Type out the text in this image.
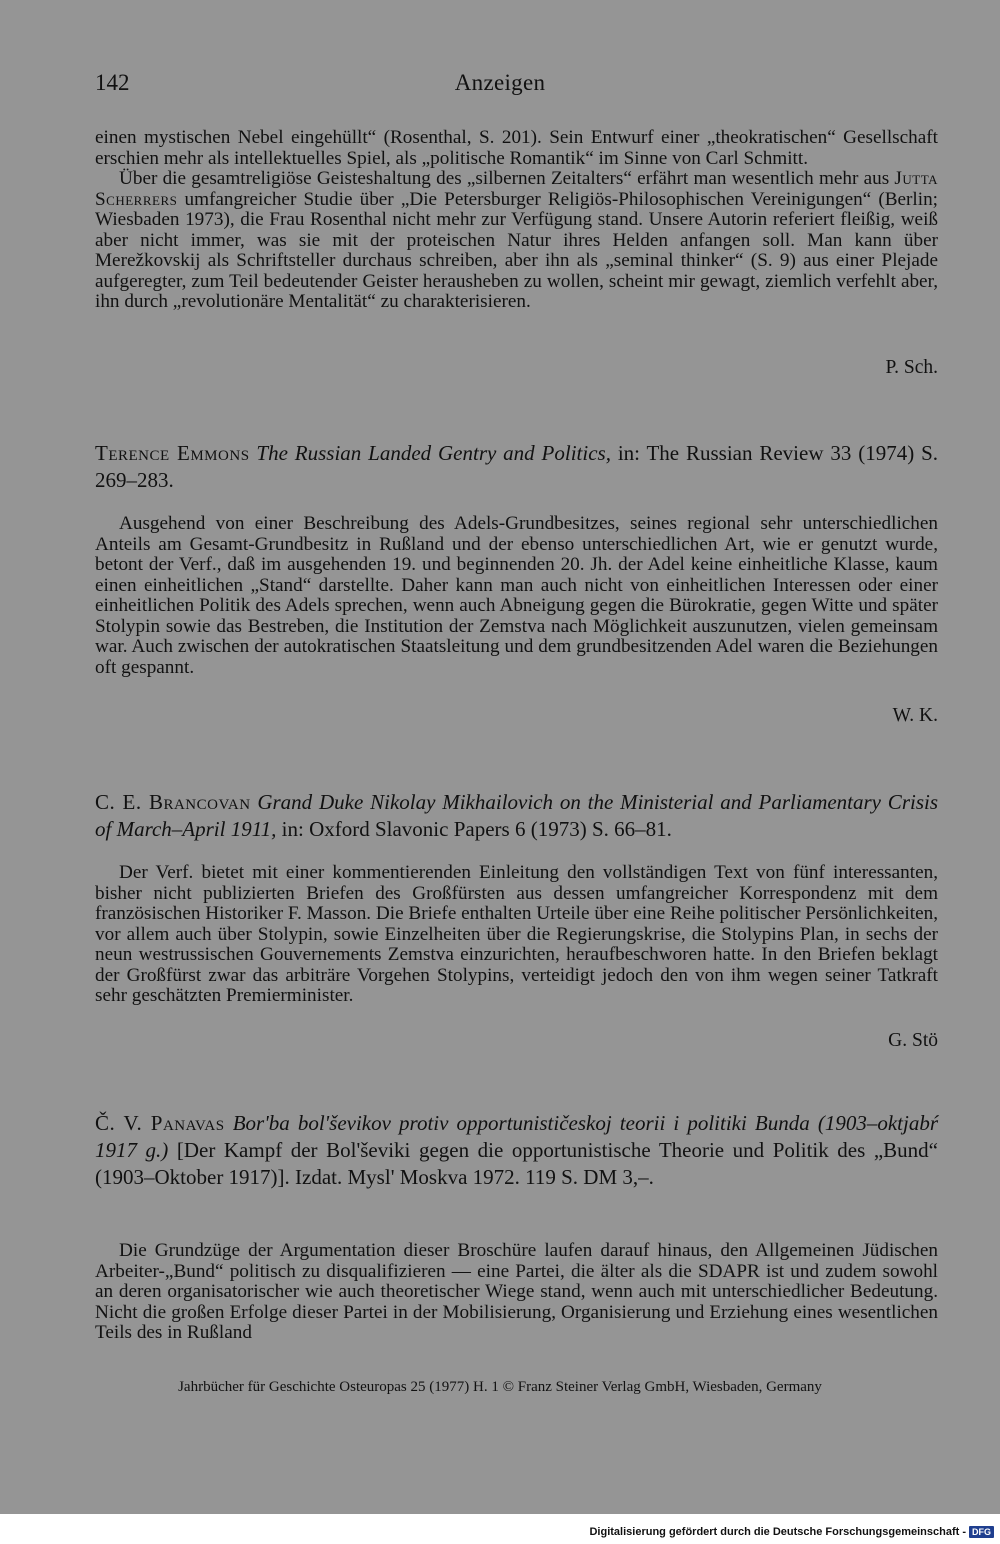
142	Anzeigen

einen mystischen Nebel eingehüllt“ (Rosenthal, S. 201). Sein Entwurf einer „theokratischen“ Gesellschaft erschien mehr als intellektuelles Spiel, als „politische Romantik“ im Sinne von Carl Schmitt.

Über die gesamtreligiöse Geisteshaltung des „silbernen Zeitalters“ erfährt man wesentlich mehr aus Jutta Scherrers umfangreicher Studie über „Die Petersburger Religiös-Philosophischen Vereinigungen“ (Berlin; Wiesbaden 1973), die Frau Rosenthal nicht mehr zur Verfügung stand. Unsere Autorin referiert fleißig, weiß aber nicht immer, was sie mit der proteischen Natur ihres Helden anfangen soll. Man kann über Merežkovskij als Schriftsteller durchaus schreiben, aber ihn als „seminal thinker“ (S. 9) aus einer Plejade aufgeregter, zum Teil bedeutender Geister herausheben zu wollen, scheint mir gewagt, ziemlich verfehlt aber, ihn durch „revolutionäre Mentalität“ zu charakterisieren.

P. Sch.
Terence Emmons The Russian Landed Gentry and Politics, in: The Russian Review 33 (1974) S. 269–283.
Ausgehend von einer Beschreibung des Adels-Grundbesitzes, seines regional sehr unterschiedlichen Anteils am Gesamt-Grundbesitz in Rußland und der ebenso unterschiedlichen Art, wie er genutzt wurde, betont der Verf., daß im ausgehenden 19. und beginnenden 20. Jh. der Adel keine einheitliche Klasse, kaum einen einheitlichen „Stand“ darstellte. Daher kann man auch nicht von einheitlichen Interessen oder einer einheitlichen Politik des Adels sprechen, wenn auch Abneigung gegen die Bürokratie, gegen Witte und später Stolypin sowie das Bestreben, die Institution der Zemstva nach Möglichkeit auszunutzen, vielen gemeinsam war. Auch zwischen der autokratischen Staatsleitung und dem grundbesitzenden Adel waren die Beziehungen oft gespannt.
W. K.
C. E. Brancovan Grand Duke Nikolay Mikhailovich on the Ministerial and Parliamentary Crisis of March–April 1911, in: Oxford Slavonic Papers 6 (1973) S. 66–81.
Der Verf. bietet mit einer kommentierenden Einleitung den vollständigen Text von fünf interessanten, bisher nicht publizierten Briefen des Großfürsten aus dessen umfangreicher Korrespondenz mit dem französischen Historiker F. Masson. Die Briefe enthalten Urteile über eine Reihe politischer Persönlichkeiten, vor allem auch über Stolypin, sowie Einzelheiten über die Regierungskrise, die Stolypins Plan, in sechs der neun westrussischen Gouvernements Zemstva einzurichten, heraufbeschworen hatte. In den Briefen beklagt der Großfürst zwar das arbiträre Vorgehen Stolypins, verteidigt jedoch den von ihm wegen seiner Tatkraft sehr geschätzten Premierminister.
G. Stö
Č. V. Panavas Bor'ba bol'ševikov protiv opportunističeskoj teorii i politiki Bunda (1903–oktjabŕ 1917 g.) [Der Kampf der Bol'ševiki gegen die opportunistische Theorie und Politik des „Bund“ (1903–Oktober 1917)]. Izdat. Mysl' Moskva 1972. 119 S. DM 3,–.
Die Grundzüge der Argumentation dieser Broschüre laufen darauf hinaus, den Allgemeinen Jüdischen Arbeiter-„Bund“ politisch zu disqualifizieren — eine Partei, die älter als die SDAPR ist und zudem sowohl an deren organisatorischer wie auch theoretischer Wiege stand, wenn auch mit unterschiedlicher Bedeutung. Nicht die großen Erfolge dieser Partei in der Mobilisierung, Organisierung und Erziehung eines wesentlichen Teils des in Rußland
Jahrbücher für Geschichte Osteuropas 25 (1977) H. 1 © Franz Steiner Verlag GmbH, Wiesbaden, Germany
Digitalisierung gefördert durch die Deutsche Forschungsgemeinschaft - DFG
